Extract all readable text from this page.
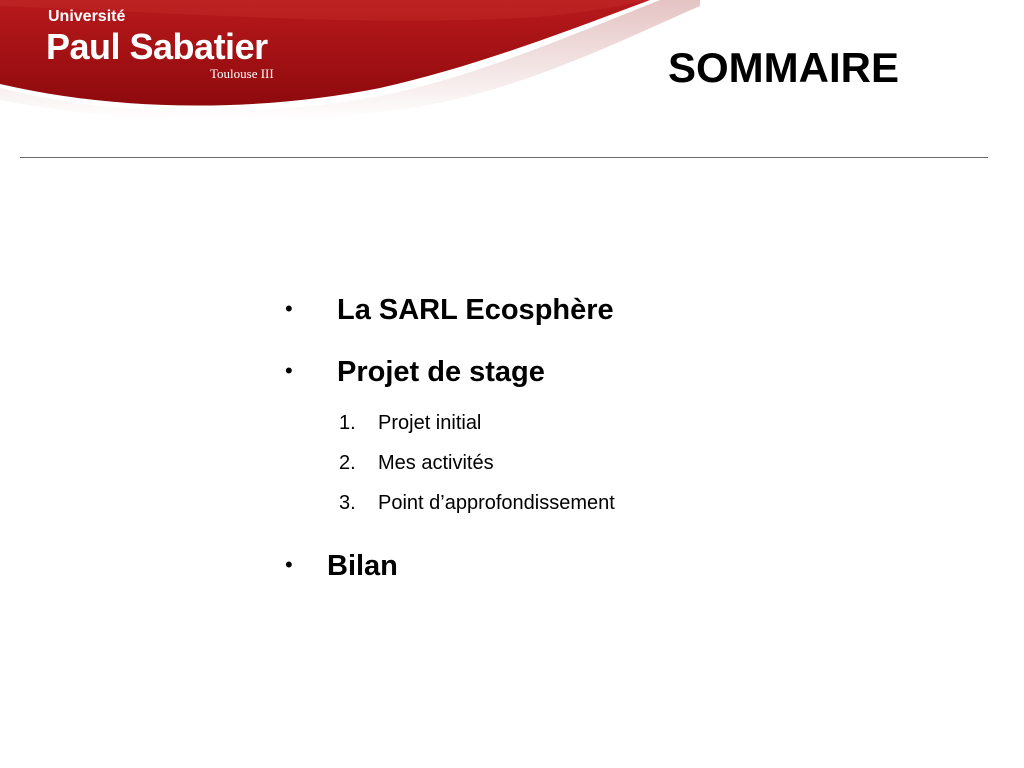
Université
Paul Sabatier
Toulouse III	SOMMAIRE
• La SARL Ecosphère
• Projet de stage
1. Projet initial
2. Mes activités
3. Point d’approfondissement
• Bilan
